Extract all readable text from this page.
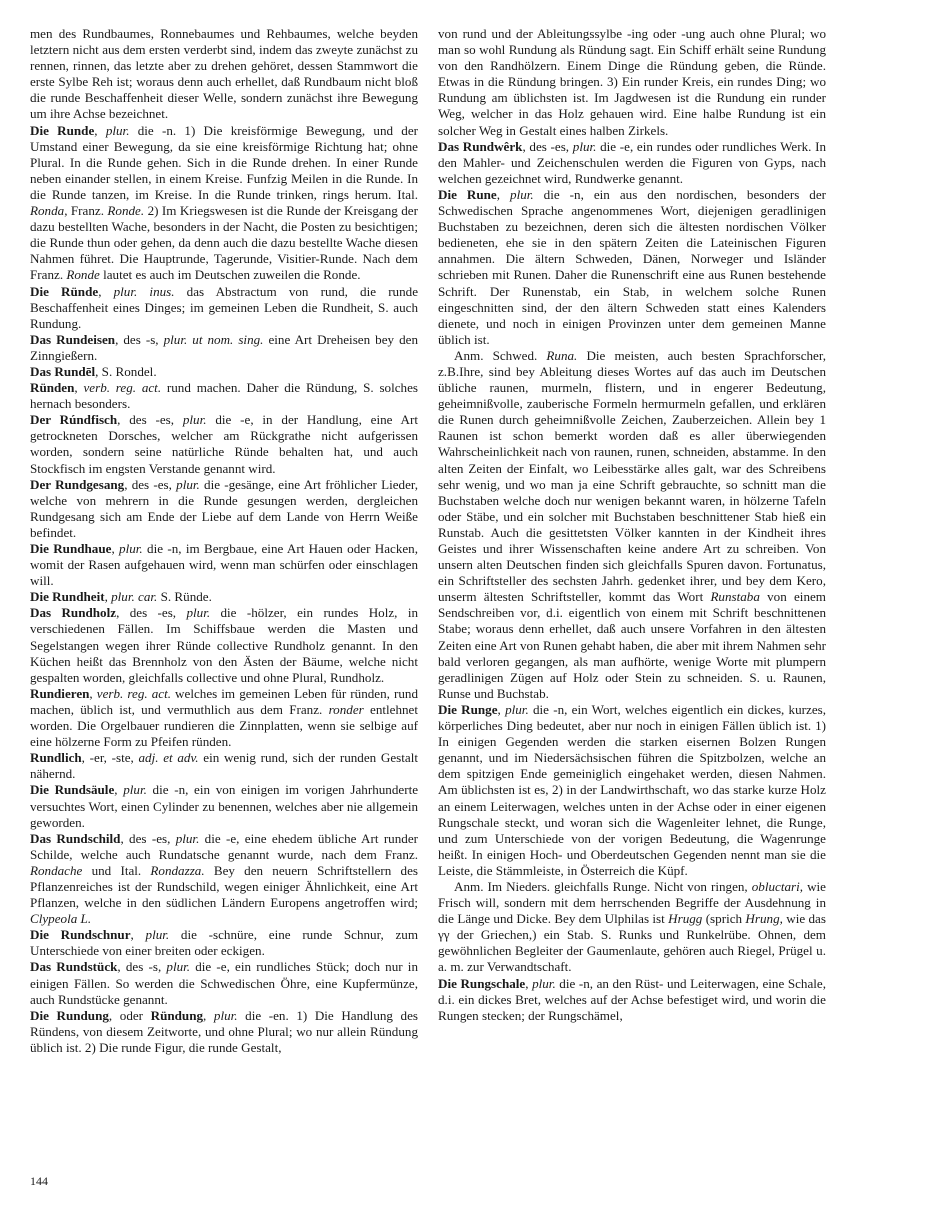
men des Rundbaumes, Ronnebaumes und Rehbaumes, welche beyden letztern nicht aus dem ersten verderbt sind, indem das zweyte zunächst zu rennen, rinnen, das letzte aber zu drehen gehöret, dessen Stammwort die erste Sylbe Reh ist; woraus denn auch erhellet, daß Rundbaum nicht bloß die runde Beschaffenheit dieser Welle, sondern zunächst ihre Bewegung um ihre Achse bezeichnet.

Die Runde, plur. die -n. 1) Die kreisförmige Bewegung, und der Umstand einer Bewegung, da sie eine kreisförmige Richtung hat; ohne Plural. In die Runde gehen. Sich in die Runde drehen. In einer Runde neben einander stellen, in einem Kreise. Funfzig Meilen in die Runde. In die Runde tanzen, im Kreise. In die Runde trinken, rings herum. Ital. Ronda, Franz. Ronde. 2) Im Kriegswesen ist die Runde der Kreisgang der dazu bestellten Wache, besonders in der Nacht, die Posten zu besichtigen; die Runde thun oder gehen, da denn auch die dazu bestellte Wache diesen Nahmen führet. Die Hauptrunde, Tagerunde, Visitier-Runde. Nach dem Franz. Ronde lautet es auch im Deutschen zuweilen die Ronde.

Die Ründe, plur. inus. das Abstractum von rund, die runde Beschaffenheit eines Dinges; im gemeinen Leben die Rundheit, S. auch Rundung.

Das Rundeisen, des -s, plur. ut nom. sing. eine Art Dreheisen bey den Zinngießern.

Das Rundēl, S. Rondel.

Ründen, verb. reg. act. rund machen. Daher die Ründung, S. solches hernach besonders.

Der Rúndfisch, des -es, plur. die -e, in der Handlung, eine Art getrockneten Dorsches, welcher am Rückgrathe nicht aufgerissen worden, sondern seine natürliche Ründe behalten hat, und auch Stockfisch im engsten Verstande genannt wird.

Der Rundgesang, des -es, plur. die -gesänge, eine Art fröhlicher Lieder, welche von mehrern in die Runde gesungen werden, dergleichen Rundgesang sich am Ende der Liebe auf dem Lande von Herrn Weiße befindet.

Die Rundhaue, plur. die -n, im Bergbaue, eine Art Hauen oder Hacken, womit der Rasen aufgehauen wird, wenn man schürfen oder einschlagen will.

Die Rundheit, plur. car. S. Ründe.

Das Rundholz, des -es, plur. die -hölzer, ein rundes Holz, in verschiedenen Fällen. Im Schiffsbaue werden die Masten und Segelstangen wegen ihrer Ründe collective Rundholz genannt. In den Küchen heißt das Brennholz von den Ästen der Bäume, welche nicht gespalten worden, gleichfalls collective und ohne Plural, Rundholz.

Rundieren, verb. reg. act. welches im gemeinen Leben für ründen, rund machen, üblich ist, und vermuthlich aus dem Franz. ronder entlehnet worden. Die Orgelbauer rundieren die Zinnplatten, wenn sie selbige auf eine hölzerne Form zu Pfeifen ründen.

Rundlich, -er, -ste, adj. et adv. ein wenig rund, sich der runden Gestalt nähernd.

Die Rundsäule, plur. die -n, ein von einigen im vorigen Jahrhunderte versuchtes Wort, einen Cylinder zu benennen, welches aber nie allgemein geworden.

Das Rundschild, des -es, plur. die -e, eine ehedem übliche Art runder Schilde, welche auch Rundatsche genannt wurde, nach dem Franz. Rondache und Ital. Rondazza. Bey den neuern Schriftstellern des Pflanzenreiches ist der Rundschild, wegen einiger Ähnlichkeit, eine Art Pflanzen, welche in den südlichen Ländern Europens angetroffen wird; Clypeola L.

Die Rundschnur, plur. die -schnüre, eine runde Schnur, zum Unterschiede von einer breiten oder eckigen.

Das Rundstück, des -s, plur. die -e, ein rundliches Stück; doch nur in einigen Fällen. So werden die Schwedischen Öhre, eine Kupfermünze, auch Rundstücke genannt.

Die Rundung, oder Ründung, plur. die -en. 1) Die Handlung des Ründens, von diesem Zeitworte, und ohne Plural; wo nur allein Ründung üblich ist. 2) Die runde Figur, die runde Gestalt,

von rund und der Ableitungssylbe -ing oder -ung auch ohne Plural; wo man so wohl Rundung als Ründung sagt. Ein Schiff erhält seine Rundung von den Randhölzern. Einem Dinge die Ründung geben, die Ründe. Etwas in die Ründung bringen. 3) Ein runder Kreis, ein rundes Ding; wo Rundung am üblichsten ist. Im Jagdwesen ist die Rundung ein runder Weg, welcher in das Holz gehauen wird. Eine halbe Rundung ist ein solcher Weg in Gestalt eines halben Zirkels.

Das Rundwêrk, des -es, plur. die -e, ein rundes oder rundliches Werk. In den Mahler- und Zeichenschulen werden die Figuren von Gyps, nach welchen gezeichnet wird, Rundwerke genannt.

Die Rune, plur. die -n, ein aus den nordischen, besonders der Schwedischen Sprache angenommenes Wort, diejenigen geradlinigen Buchstaben zu bezeichnen, deren sich die ältesten nordischen Völker bedieneten, ehe sie in den spätern Zeiten die Lateinischen Figuren annahmen. Die ältern Schweden, Dänen, Norweger und Isländer schrieben mit Runen. Daher die Runenschrift eine aus Runen bestehende Schrift. Der Runenstab, ein Stab, in welchem solche Runen eingeschnitten sind, der den ältern Schweden statt eines Kalenders dienete, und noch in einigen Provinzen unter dem gemeinen Manne üblich ist.

Anm. Schwed. Runa. Die meisten, auch besten Sprachforscher, z.B.Ihre, sind bey Ableitung dieses Wortes auf das auch im Deutschen übliche raunen, murmeln, flistern, und in engerer Bedeutung, geheimnißvolle, zauberische Formeln hermurmeln gefallen, und erklären die Runen durch geheimnißvolle Zeichen, Zauberzeichen. Allein bey 1 Raunen ist schon bemerkt worden daß es aller überwiegenden Wahrscheinlichkeit nach von raunen, runen, schneiden, abstamme. In den alten Zeiten der Einfalt, wo Leibesstärke alles galt, war des Schreibens sehr wenig, und wo man ja eine Schrift gebrauchte, so schnitt man die Buchstaben welche doch nur wenigen bekannt waren, in hölzerne Tafeln oder Stäbe, und ein solcher mit Buchstaben beschnittener Stab hieß ein Runstab. Auch die gesittetsten Völker kannten in der Kindheit ihres Geistes und ihrer Wissenschaften keine andere Art zu schreiben. Von unsern alten Deutschen finden sich gleichfalls Spuren davon. Fortunatus, ein Schriftsteller des sechsten Jahrh. gedenket ihrer, und bey dem Kero, unserm ältesten Schriftsteller, kommt das Wort Runstaba von einem Sendschreiben vor, d.i. eigentlich von einem mit Schrift beschnittenen Stabe; woraus denn erhellet, daß auch unsere Vorfahren in den ältesten Zeiten eine Art von Runen gehabt haben, die aber mit ihrem Nahmen sehr bald verloren gegangen, als man aufhörte, wenige Worte mit plumpern geradlinigen Zügen auf Holz oder Stein zu schneiden. S. u. Raunen, Runse und Buchstab.

Die Runge, plur. die -n, ein Wort, welches eigentlich ein dickes, kurzes, körperliches Ding bedeutet, aber nur noch in einigen Fällen üblich ist. 1) In einigen Gegenden werden die starken eisernen Bolzen Rungen genannt, und im Niedersächsischen führen die Spitzbolzen, welche an dem spitzigen Ende gemeiniglich eingehaket werden, diesen Nahmen. Am üblichsten ist es, 2) in der Landwirthschaft, wo das starke kurze Holz an einem Leiterwagen, welches unten in der Achse oder in einer eigenen Rungschale steckt, und woran sich die Wagenleiter lehnet, die Runge, und zum Unterschiede von der vorigen Bedeutung, die Wagenrunge heißt. In einigen Hoch- und Oberdeutschen Gegenden nennt man sie die Leiste, die Stämmleiste, in Österreich die Küpf.

Anm. Im Nieders. gleichfalls Runge. Nicht von ringen, obluctari, wie Frisch will, sondern mit dem herrschenden Begriffe der Ausdehnung in die Länge und Dicke. Bey dem Ulphilas ist Hrugg (sprich Hrung, wie das γγ der Griechen,) ein Stab. S. Runks und Runkelrübe. Ohnen, dem gewöhnlichen Begleiter der Gaumenlaute, gehören auch Riegel, Prügel u. a. m. zur Verwandtschaft.

Die Rungschale, plur. die -n, an den Rüst- und Leiterwagen, eine Schale, d.i. ein dickes Bret, welches auf der Achse befestiget wird, und worin die Rungen stecken; der Rungschämel,

144
